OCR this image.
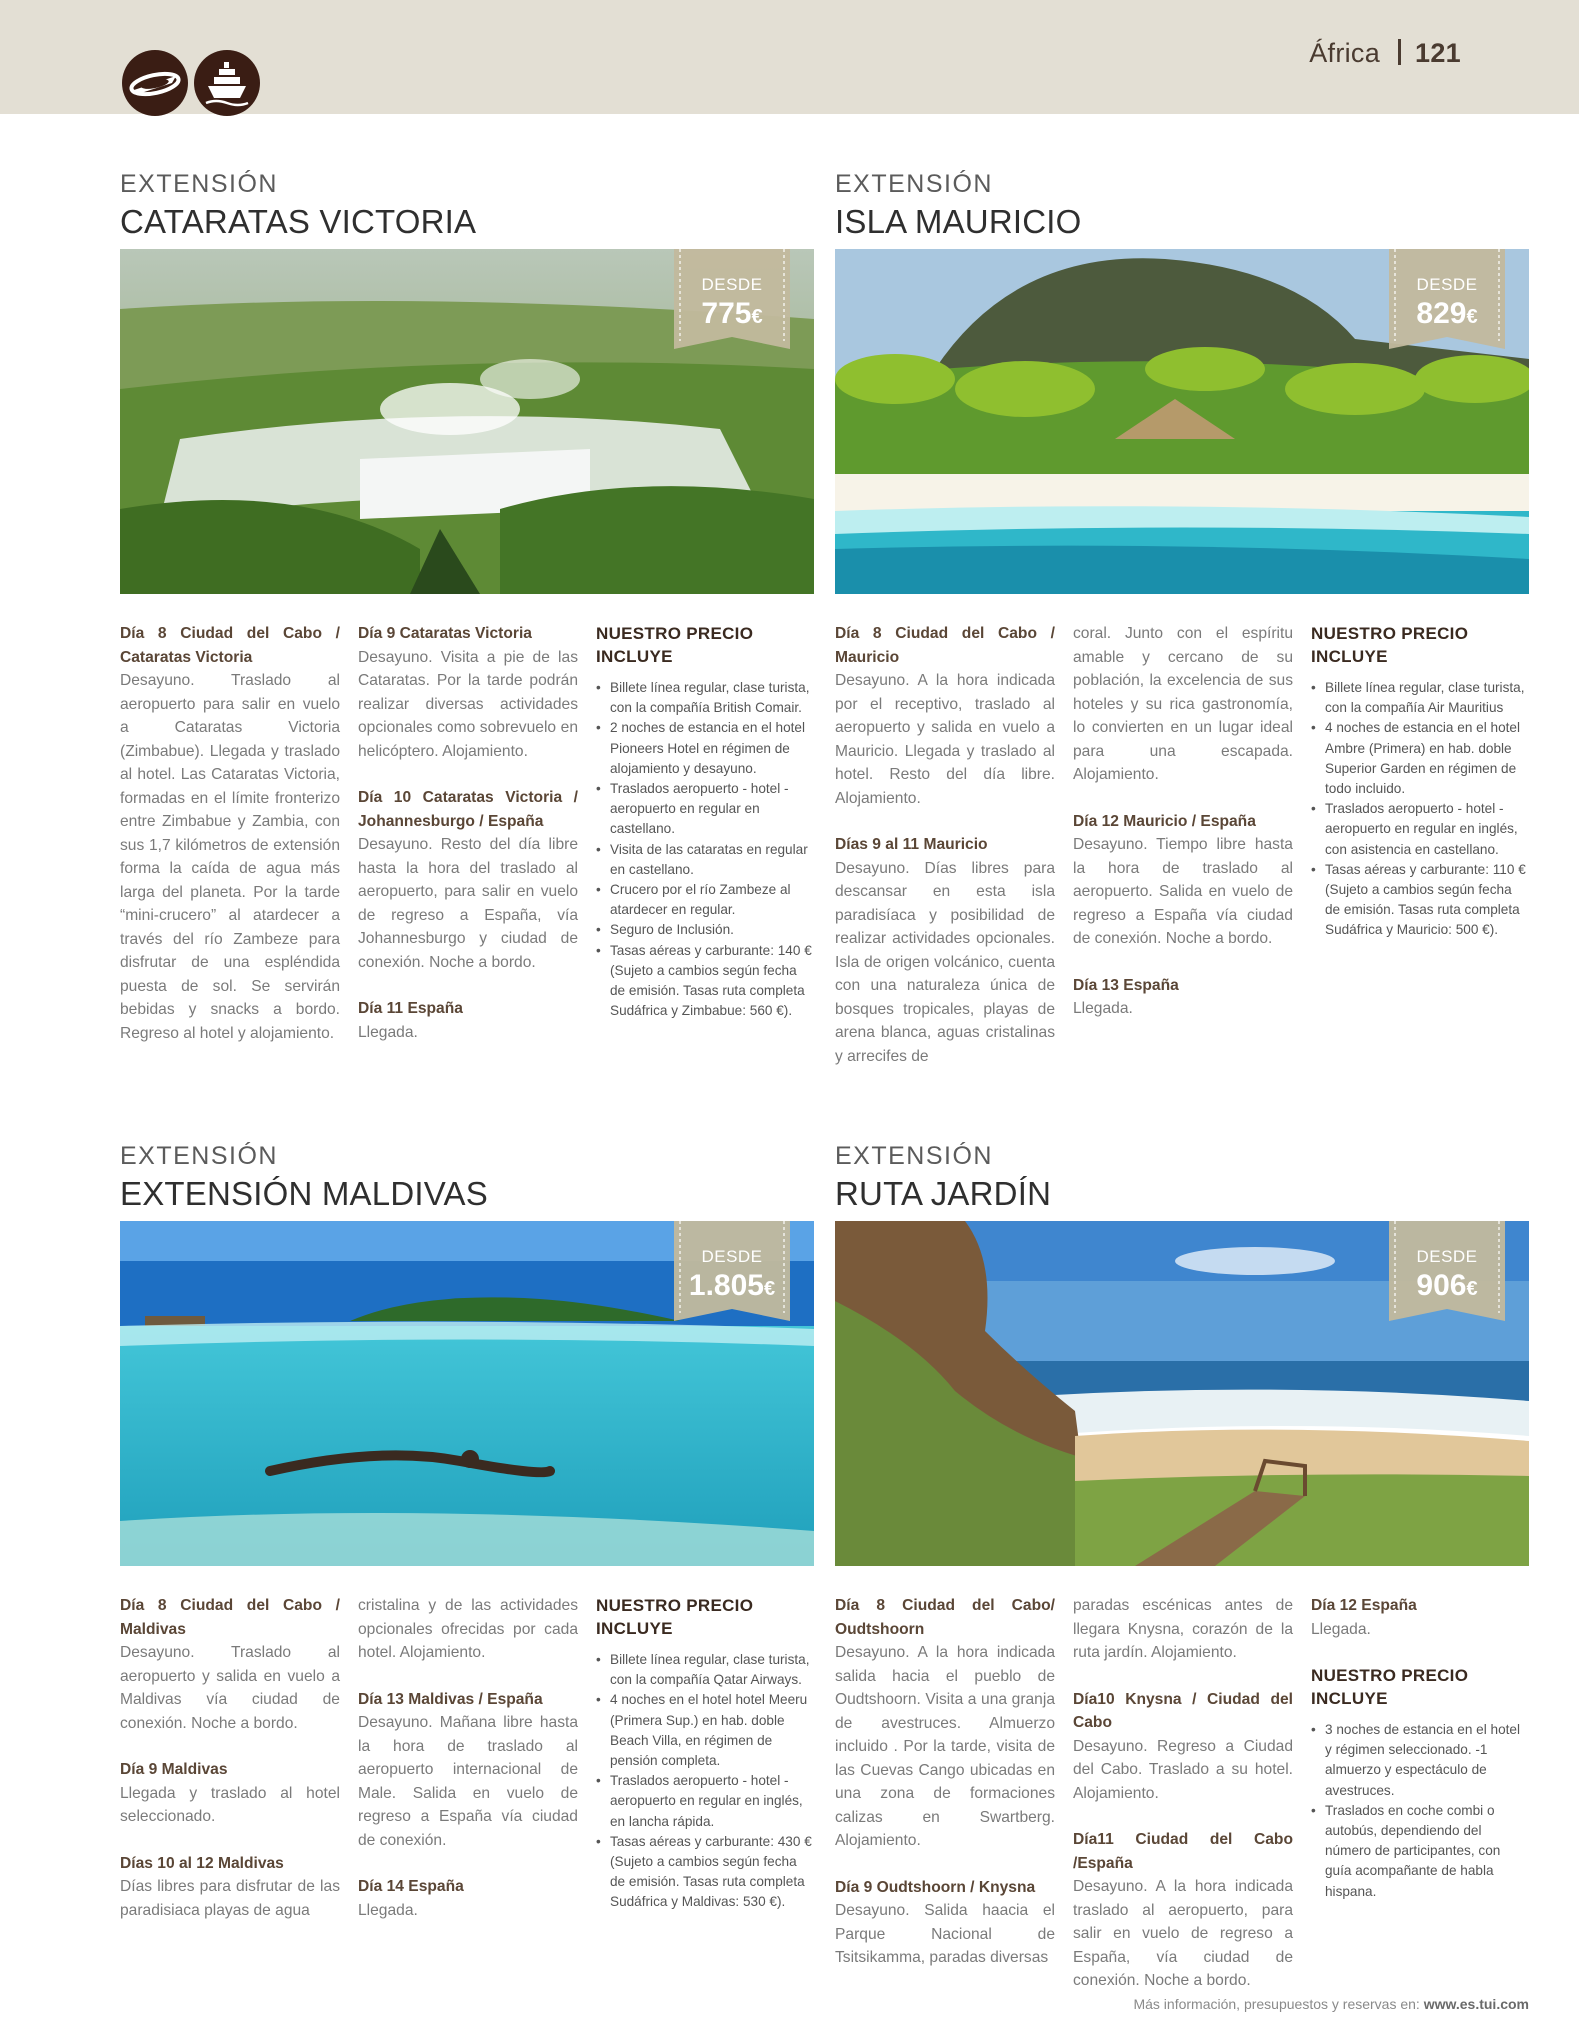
África 121
EXTENSIÓN
CATARATAS VICTORIA
DESDE
775€

Día 8 Ciudad del Cabo / Cataratas Victoria
Desayuno. Traslado al aeropuerto para salir en vuelo a Cataratas Victoria (Zimbabue). Llegada y traslado al hotel. Las Cataratas Victoria, formadas en el límite fronterizo entre Zimbabue y Zambia, con sus 1,7 kilómetros de extensión forma la caída de agua más larga del planeta. Por la tarde “mini-crucero” al atardecer a través del río Zambeze para disfrutar de una espléndida puesta de sol. Se servirán bebidas y snacks a bordo. Regreso al hotel y alojamiento.

Día 9 Cataratas Victoria
Desayuno. Visita a pie de las Cataratas. Por la tarde podrán realizar diversas actividades opcionales como sobrevuelo en helicóptero. Alojamiento.

Día 10 Cataratas Victoria / Johannesburgo / España
Desayuno. Resto del día libre hasta la hora del traslado al aeropuerto, para salir en vuelo de regreso a España, vía Johannesburgo y ciudad de conexión. Noche a bordo.

Día 11 España
Llegada.

NUESTRO PRECIO INCLUYE
• Billete línea regular, clase turista, con la compañía British Comair.
• 2 noches de estancia en el hotel Pioneers Hotel en régimen de alojamiento y desayuno.
• Traslados aeropuerto - hotel - aeropuerto en regular en castellano.
• Visita de las cataratas en regular en castellano.
• Crucero por el río Zambeze al atardecer en regular.
• Seguro de Inclusión.
• Tasas aéreas y carburante: 140 € (Sujeto a cambios según fecha de emisión. Tasas ruta completa Sudáfrica y Zimbabue: 560 €).
EXTENSIÓN
ISLA MAURICIO
DESDE
829€

Día 8 Ciudad del Cabo / Mauricio
Desayuno. A la hora indicada por el receptivo, traslado al aeropuerto y salida en vuelo a Mauricio. Llegada y traslado al hotel. Resto del día libre. Alojamiento.

Días 9 al 11 Mauricio
Desayuno. Días libres para descansar en esta isla paradisíaca y posibilidad de realizar actividades opcionales. Isla de origen volcánico, cuenta con una naturaleza única de bosques tropicales, playas de arena blanca, aguas cristalinas y arrecifes de

coral. Junto con el espíritu amable y cercano de su población, la excelencia de sus hoteles y su rica gastronomía, lo convierten en un lugar ideal para una escapada. Alojamiento.

Día 12 Mauricio / España
Desayuno. Tiempo libre hasta la hora de traslado al aeropuerto. Salida en vuelo de regreso a España vía ciudad de conexión. Noche a bordo.

Día 13 España
Llegada.

NUESTRO PRECIO INCLUYE
• Billete línea regular, clase turista, con la compañía Air Mauritius
• 4 noches de estancia en el hotel Ambre (Primera) en hab. doble Superior Garden en régimen de todo incluido.
• Traslados aeropuerto - hotel - aeropuerto en regular en inglés, con asistencia en castellano.
• Tasas aéreas y carburante: 110 € (Sujeto a cambios según fecha de emisión. Tasas ruta completa Sudáfrica y Mauricio: 500 €).
EXTENSIÓN
EXTENSIÓN MALDIVAS
DESDE
1.805€

Día 8 Ciudad del Cabo / Maldivas
Desayuno. Traslado al aeropuerto y salida en vuelo a Maldivas vía ciudad de conexión. Noche a bordo.

Día 9 Maldivas
Llegada y traslado al hotel seleccionado.

Días 10 al 12 Maldivas
Días libres para disfrutar de las paradisiaca playas de agua

cristalina y de las actividades opcionales ofrecidas por cada hotel. Alojamiento.

Día 13 Maldivas / España
Desayuno. Mañana libre hasta la hora de traslado al aeropuerto internacional de Male. Salida en vuelo de regreso a España vía ciudad de conexión.

Día 14 España
Llegada.

NUESTRO PRECIO INCLUYE
• Billete línea regular, clase turista, con la compañía Qatar Airways.
• 4 noches en el hotel hotel Meeru (Primera Sup.) en hab. doble Beach Villa, en régimen de pensión completa.
• Traslados aeropuerto - hotel - aeropuerto en regular en inglés, en lancha rápida.
• Tasas aéreas y carburante: 430 € (Sujeto a cambios según fecha de emisión. Tasas ruta completa Sudáfrica y Maldivas: 530 €).
EXTENSIÓN
RUTA JARDÍN
DESDE
906€

Día 8 Ciudad del Cabo/ Oudtshoorn
Desayuno. A la hora indicada salida hacia el pueblo de Oudtshoorn. Visita a una granja de avestruces. Almuerzo incluido . Por la tarde, visita de las Cuevas Cango ubicadas en una zona de formaciones calizas en Swartberg. Alojamiento.

Día 9 Oudtshoorn / Knysna
Desayuno. Salida haacia el Parque Nacional de Tsitsikamma, paradas diversas

paradas escénicas antes de llegara Knysna, corazón de la ruta jardín. Alojamiento.

Día10 Knysna / Ciudad del Cabo
Desayuno. Regreso a Ciudad del Cabo. Traslado a su hotel. Alojamiento.

Día11 Ciudad del Cabo /España
Desayuno. A la hora indicada traslado al aeropuerto, para salir en vuelo de regreso a España, vía ciudad de conexión. Noche a bordo.

Día 12 España
Llegada.

NUESTRO PRECIO INCLUYE
• 3 noches de estancia en el hotel y régimen seleccionado. -1 almuerzo y espectáculo de avestruces.
• Traslados en coche combi o autobús, dependiendo del número de participantes, con guía acompañante de habla hispana.
Más información, presupuestos y reservas en: www.es.tui.com
